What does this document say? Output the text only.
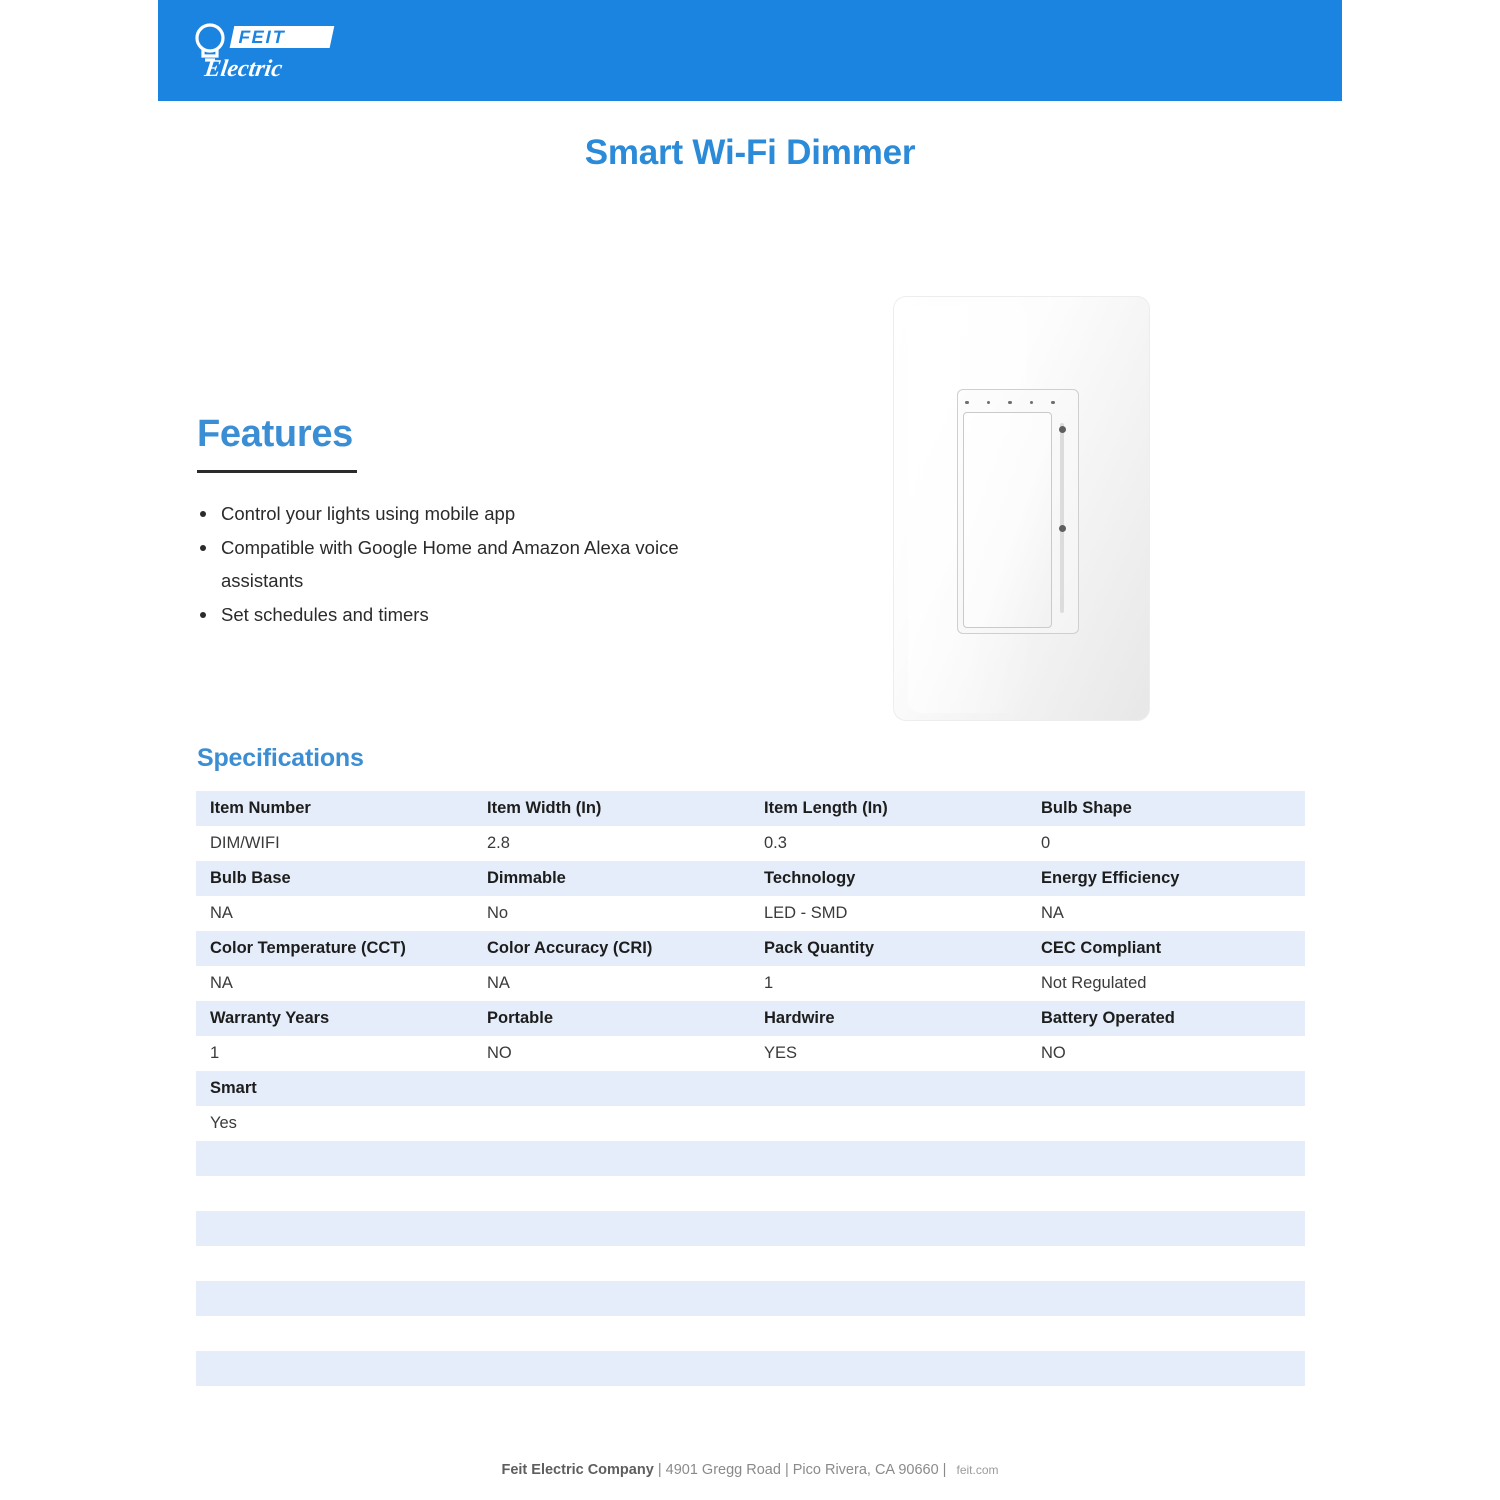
FEIT
Electric
Smart Wi-Fi Dimmer
Features
Control your lights using mobile app
Compatible with Google Home and Amazon Alexa voice assistants
Set schedules and timers
Specifications
Item Number	Item Width (In)	Item Length (In)	Bulb Shape
DIM/WIFI	2.8	0.3	0
Bulb Base	Dimmable	Technology	Energy Efficiency
NA	No	LED - SMD	NA
Color Temperature (CCT)	Color Accuracy (CRI)	Pack Quantity	CEC Compliant
NA	NA	1	Not Regulated
Warranty Years	Portable	Hardwire	Battery Operated
1	NO	YES	NO
Smart			
Yes			

Feit Electric Company | 4901 Gregg Road | Pico Rivera, CA 90660 | feit.com
